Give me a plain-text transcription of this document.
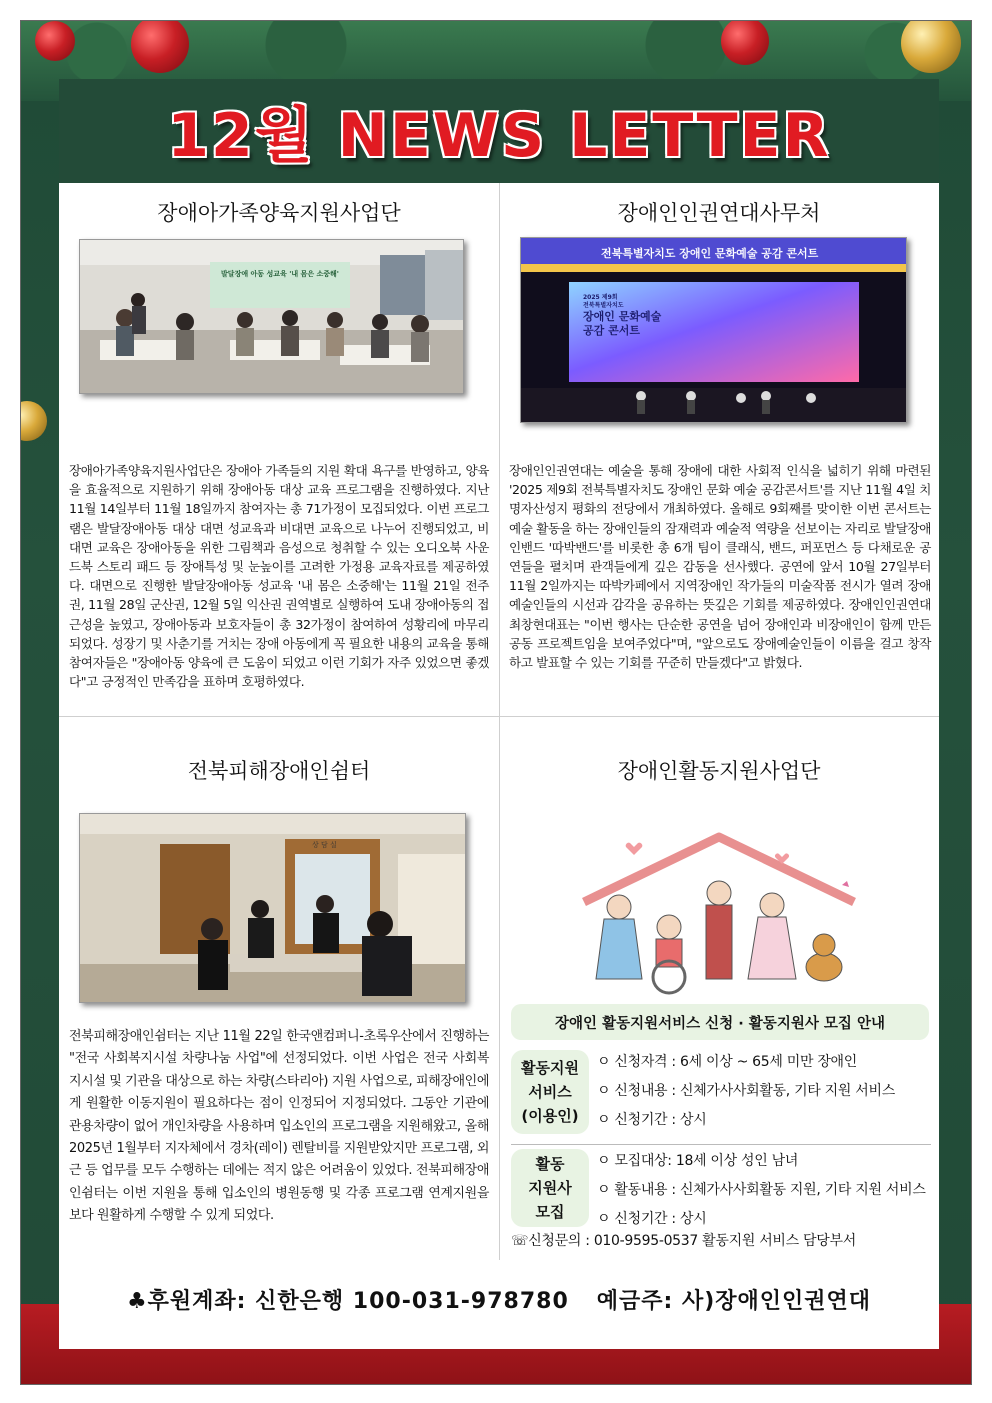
12월 NEWS LETTER
장애아가족양육지원사업단
발달장애 아동 성교육 '내 몸은 소중해'
장애아가족양육지원사업단은 장애아 가족들의 지원 확대 욕구를 반영하고, 양육을 효율적으로 지원하기 위해 장애아동 대상 교육 프로그램을 진행하였다. 지난 11월 14일부터 11월 18일까지 참여자는 총 71가정이 모집되었다. 이번 프로그램은 발달장애아동 대상 대면 성교육과 비대면 교육으로 나누어 진행되었고, 비대면 교육은 장애아동을 위한 그림책과 음성으로 청취할 수 있는 오디오북 사운드북 스토리 패드 등 장애특성 및 눈높이를 고려한 가정용 교육자료를 제공하였다. 대면으로 진행한 발달장애아동 성교육 '내 몸은 소중해'는 11월 21일 전주권, 11월 28일 군산권, 12월 5일 익산권 권역별로 실행하여 도내 장애아동의 접근성을 높였고, 장애아동과 보호자들이 총 32가정이 참여하여 성황리에 마무리되었다. 성장기 및 사춘기를 거치는 장애 아동에게 꼭 필요한 내용의 교육을 통해 참여자들은 "장애아동 양육에 큰 도움이 되었고 이런 기회가 자주 있었으면 좋겠다"고 긍정적인 만족감을 표하며 호평하였다.
장애인인권연대사무처
전북특별자치도 장애인 문화예술 공감 콘서트
2025 제9회
전북특별자치도
장애인 문화예술
공감 콘서트
장애인인권연대는 예술을 통해 장애에 대한 사회적 인식을 넓히기 위해 마련된 '2025 제9회 전북특별자치도 장애인 문화 예술 공감콘서트'를 지난 11월 4일 치명자산성지 평화의 전당에서 개최하였다. 올해로 9회째를 맞이한 이번 콘서트는 예술 활동을 하는 장애인들의 잠재력과 예술적 역량을 선보이는 자리로 발달장애인밴드 '따박밴드'를 비롯한 총 6개 팀이 클래식, 밴드, 퍼포먼스 등 다채로운 공연들을 펼치며 관객들에게 깊은 감동을 선사했다. 공연에 앞서 10월 27일부터 11월 2일까지는 따박카페에서 지역장애인 작가들의 미술작품 전시가 열려 장애예술인들의 시선과 감각을 공유하는 뜻깊은 기회를 제공하였다. 장애인인권연대 최창현대표는 "이번 행사는 단순한 공연을 넘어 장애인과 비장애인이 함께 만든 공동 프로젝트임을 보여주었다"며, "앞으로도 장애예술인들이 이름을 걸고 창작하고 발표할 수 있는 기회를 꾸준히 만들겠다"고 밝혔다.
전북피해장애인쉼터
상 담 실
전북피해장애인쉼터는 지난 11월 22일 한국앤컴퍼니-초록우산에서 진행하는 "전국 사회복지시설 차량나눔 사업"에 선정되었다. 이번 사업은 전국 사회복지시설 및 기관을 대상으로 하는 차량(스타리아) 지원 사업으로, 피해장애인에게 원활한 이동지원이 필요하다는 점이 인정되어 지정되었다. 그동안 기관에 관용차량이 없어 개인차량을 사용하며 입소인의 프로그램을 지원해왔고, 올해 2025년 1월부터 지자체에서 경차(레이) 렌탈비를 지원받았지만 프로그램, 외근 등 업무를 모두 수행하는 데에는 적지 않은 어려움이 있었다. 전북피해장애인쉼터는 이번 지원을 통해 입소인의 병원동행 및 각종 프로그램 연계지원을 보다 원활하게 수행할 수 있게 되었다.
장애인활동지원사업단
장애인 활동지원서비스 신청 · 활동지원사 모집 안내
활동지원
서비스
(이용인)
ㅇ 신청자격 : 6세 이상 ~ 65세 미만 장애인
ㅇ 신청내용 : 신체가사사회활동, 기타 지원 서비스
ㅇ 신청기간 : 상시
활동
지원사
모집
ㅇ 모집대상: 18세 이상 성인 남녀
ㅇ 활동내용 : 신체가사사회활동 지원, 기타 지원 서비스
ㅇ 신청기간 : 상시
☏신청문의 : 010-9595-0537 활동지원 서비스 담당부서
♣후원계좌: 신한은행 100-031-978780 예금주: 사)장애인인권연대
